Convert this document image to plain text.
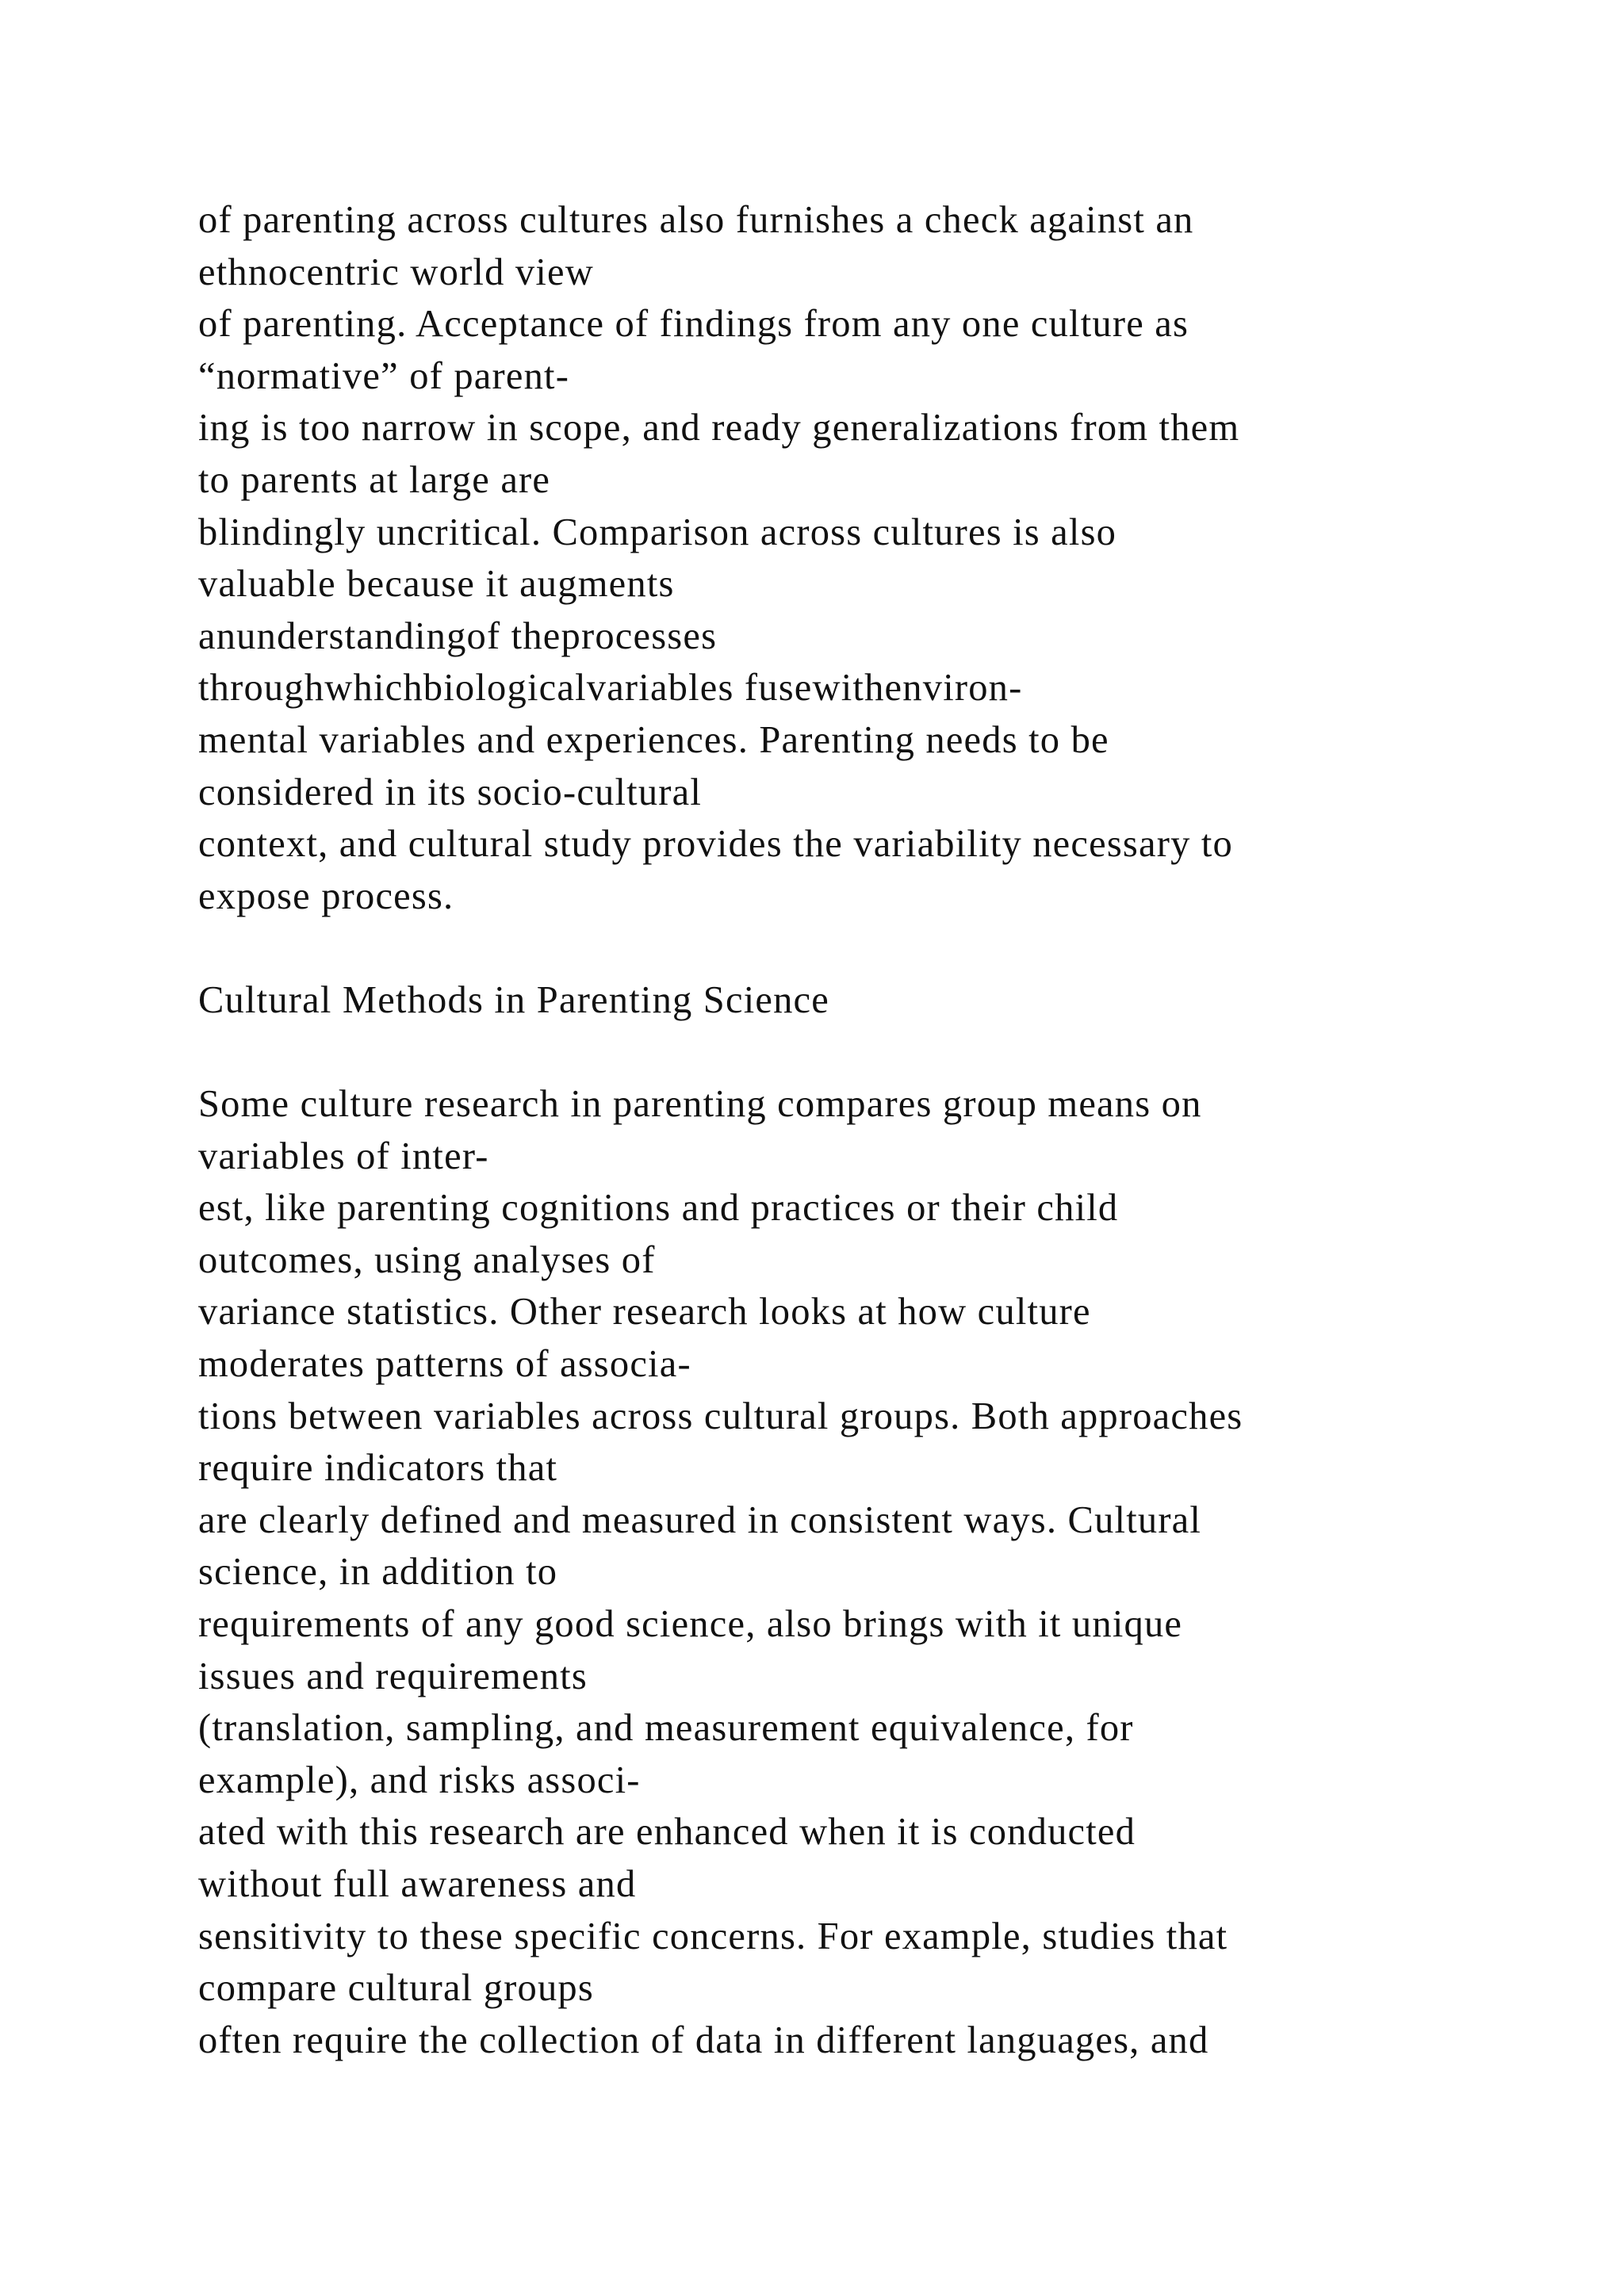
of parenting across cultures also furnishes a check against an
ethnocentric world view
of parenting. Acceptance of findings from any one culture as
“normative” of parent-
ing is too narrow in scope, and ready generalizations from them
to parents at large are
blindingly uncritical. Comparison across cultures is also
valuable because it augments
anunderstandingof theprocesses
throughwhichbiologicalvariables fusewithenviron-
mental variables and experiences. Parenting needs to be
considered in its socio-cultural
context, and cultural study provides the variability necessary to
expose process.
Cultural Methods in Parenting Science
Some culture research in parenting compares group means on
variables of inter-
est, like parenting cognitions and practices or their child
outcomes, using analyses of
variance statistics. Other research looks at how culture
moderates patterns of associa-
tions between variables across cultural groups. Both approaches
require indicators that
are clearly defined and measured in consistent ways. Cultural
science, in addition to
requirements of any good science, also brings with it unique
issues and requirements
(translation, sampling, and measurement equivalence, for
example), and risks associ-
ated with this research are enhanced when it is conducted
without full awareness and
sensitivity to these specific concerns. For example, studies that
compare cultural groups
often require the collection of data in different languages, and
